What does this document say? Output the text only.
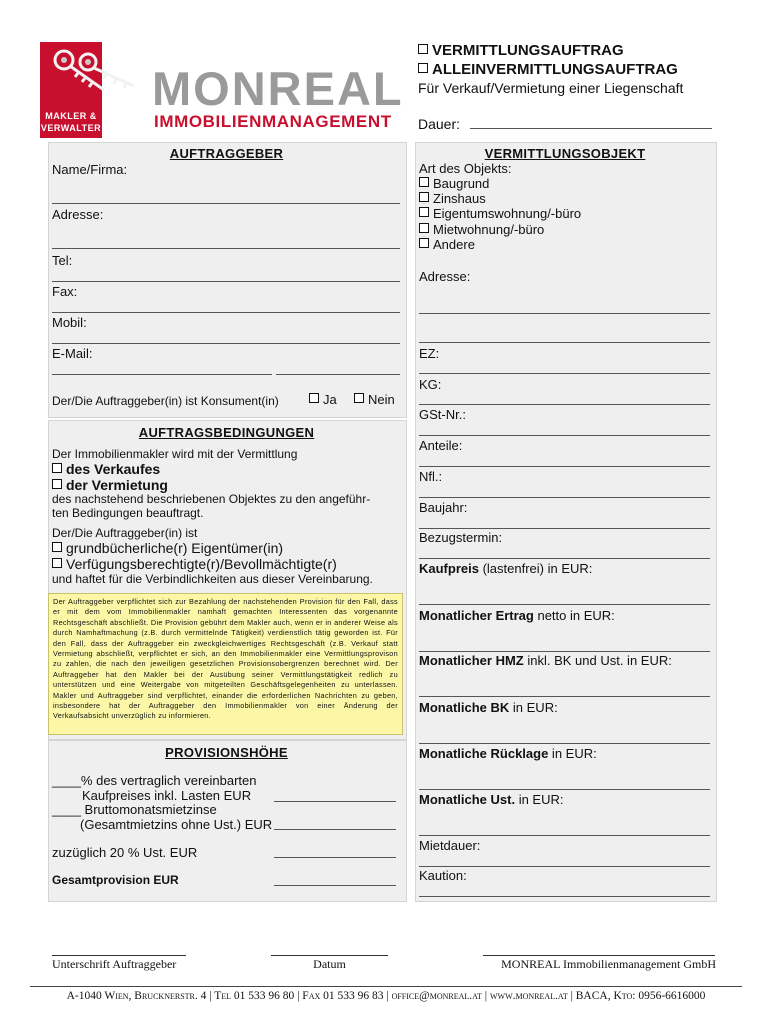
MAKLER &
VERWALTER
MONREAL
IMMOBILIENMANAGEMENT
VERMITTLUNGSAUFTRAG
ALLEINVERMITTLUNGSAUFTRAG
Für Verkauf/Vermietung einer Liegenschaft
Dauer:
AUFTRAGGEBER
Name/Firma:
Adresse:
Tel:
Fax:
Mobil:
E-Mail:
Der/Die Auftraggeber(in) ist Konsument(in)	Ja	Nein
AUFTRAGSBEDINGUNGEN
Der Immobilienmakler wird mit der Vermittlung
des Verkaufes
der Vermietung
des nachstehend beschriebenen Objektes zu den angeführ-
ten Bedingungen beauftragt.
Der/Die Auftraggeber(in) ist
grundbücherliche(r) Eigentümer(in)
Verfügungsberechtigte(r)/Bevollmächtigte(r)
und haftet für die Verbindlichkeiten aus dieser Vereinbarung.
Der Auftraggeber verpflichtet sich zur Bezahlung der nachstehenden Provision für den Fall, dass er mit dem vom Immobilienmakler namhaft gemachten Interessenten das vorgenannte Rechtsgeschäft abschließt. Die Provision gebührt dem Makler auch, wenn er in anderer Weise als durch Namhaftmachung (z.B. durch vermittelnde Tätigkeit) verdienstlich tätig geworden ist. Für den Fall, dass der Auftraggeber ein zweckgleichwertiges Rechtsgeschäft (z.B. Verkauf statt Vermietung abschließt, verpflichtet er sich, an den Immobilienmakler eine Vermittlungsprovison zu zahlen, die nach den jeweiligen gesetzlichen Provisionsobergrenzen berechnet wird. Der Auftraggeber hat den Makler bei der Ausübung seiner Vermittlungstätigkeit redlich zu unterstützen und eine Weitergabe von mitgeteilten Geschäftsgelegenheiten zu unterlassen. Makler und Auftraggeber sind verpflichtet, einander die erforderlichen Nachrichten zu geben, insbesondere hat der Auftraggeber den Immobilienmakler von einer Änderung der Verkaufsabsicht unverzüglich zu informieren.
PROVISIONSHÖHE
____% des vertraglich vereinbarten
Kaufpreises inkl. Lasten EUR
____ Bruttomonatsmietzinse
(Gesamtmietzins ohne Ust.) EUR
zuzüglich 20 % Ust. EUR
Gesamtprovision EUR
VERMITTLUNGSOBJEKT
Art des Objekts:
Baugrund
Zinshaus
Eigentumswohnung/-büro
Mietwohnung/-büro
Andere
Adresse:
EZ:
KG:
GSt-Nr.:
Anteile:
Nfl.:
Baujahr:
Bezugstermin:
Kaufpreis (lastenfrei) in EUR:
Monatlicher Ertrag netto in EUR:
Monatlicher HMZ inkl. BK und Ust. in EUR:
Monatliche BK in EUR:
Monatliche Rücklage in EUR:
Monatliche Ust. in EUR:
Mietdauer:
Kaution:
Unterschrift Auftraggeber	Datum	MONREAL Immobilienmanagement GmbH
A-1040 Wien, Brucknerstr. 4 | Tel 01 533 96 80 | Fax 01 533 96 83 | office@monreal.at | www.monreal.at | BACA, Kto: 0956-6616000
